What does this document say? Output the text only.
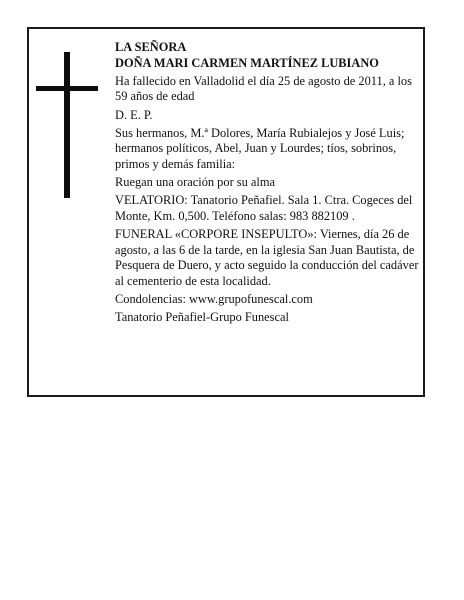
LA SEÑORA

DOÑA MARI CARMEN MARTÍNEZ LUBIANO

Ha fallecido en Valladolid el día 25 de agosto de 2011, a los 59 años de edad

D. E. P.

Sus hermanos, M.ª Dolores, María Rubialejos y José Luis; hermanos políticos, Abel, Juan y Lourdes; tíos, sobrinos, primos y demás familia:

Ruegan una oración por su alma

VELATORIO: Tanatorio Peñafiel. Sala 1. Ctra. Cogeces del Monte, Km. 0,500. Teléfono salas: 983 882109 .

FUNERAL «CORPORE INSEPULTO»: Viernes, día 26 de agosto, a las 6 de la tarde, en la iglesia San Juan Bautista, de Pesquera de Duero, y acto seguido la conducción del cadáver al cementerio de esta localidad.

Condolencias: www.grupofunescal.com

Tanatorio Peñafiel-Grupo Funescal
